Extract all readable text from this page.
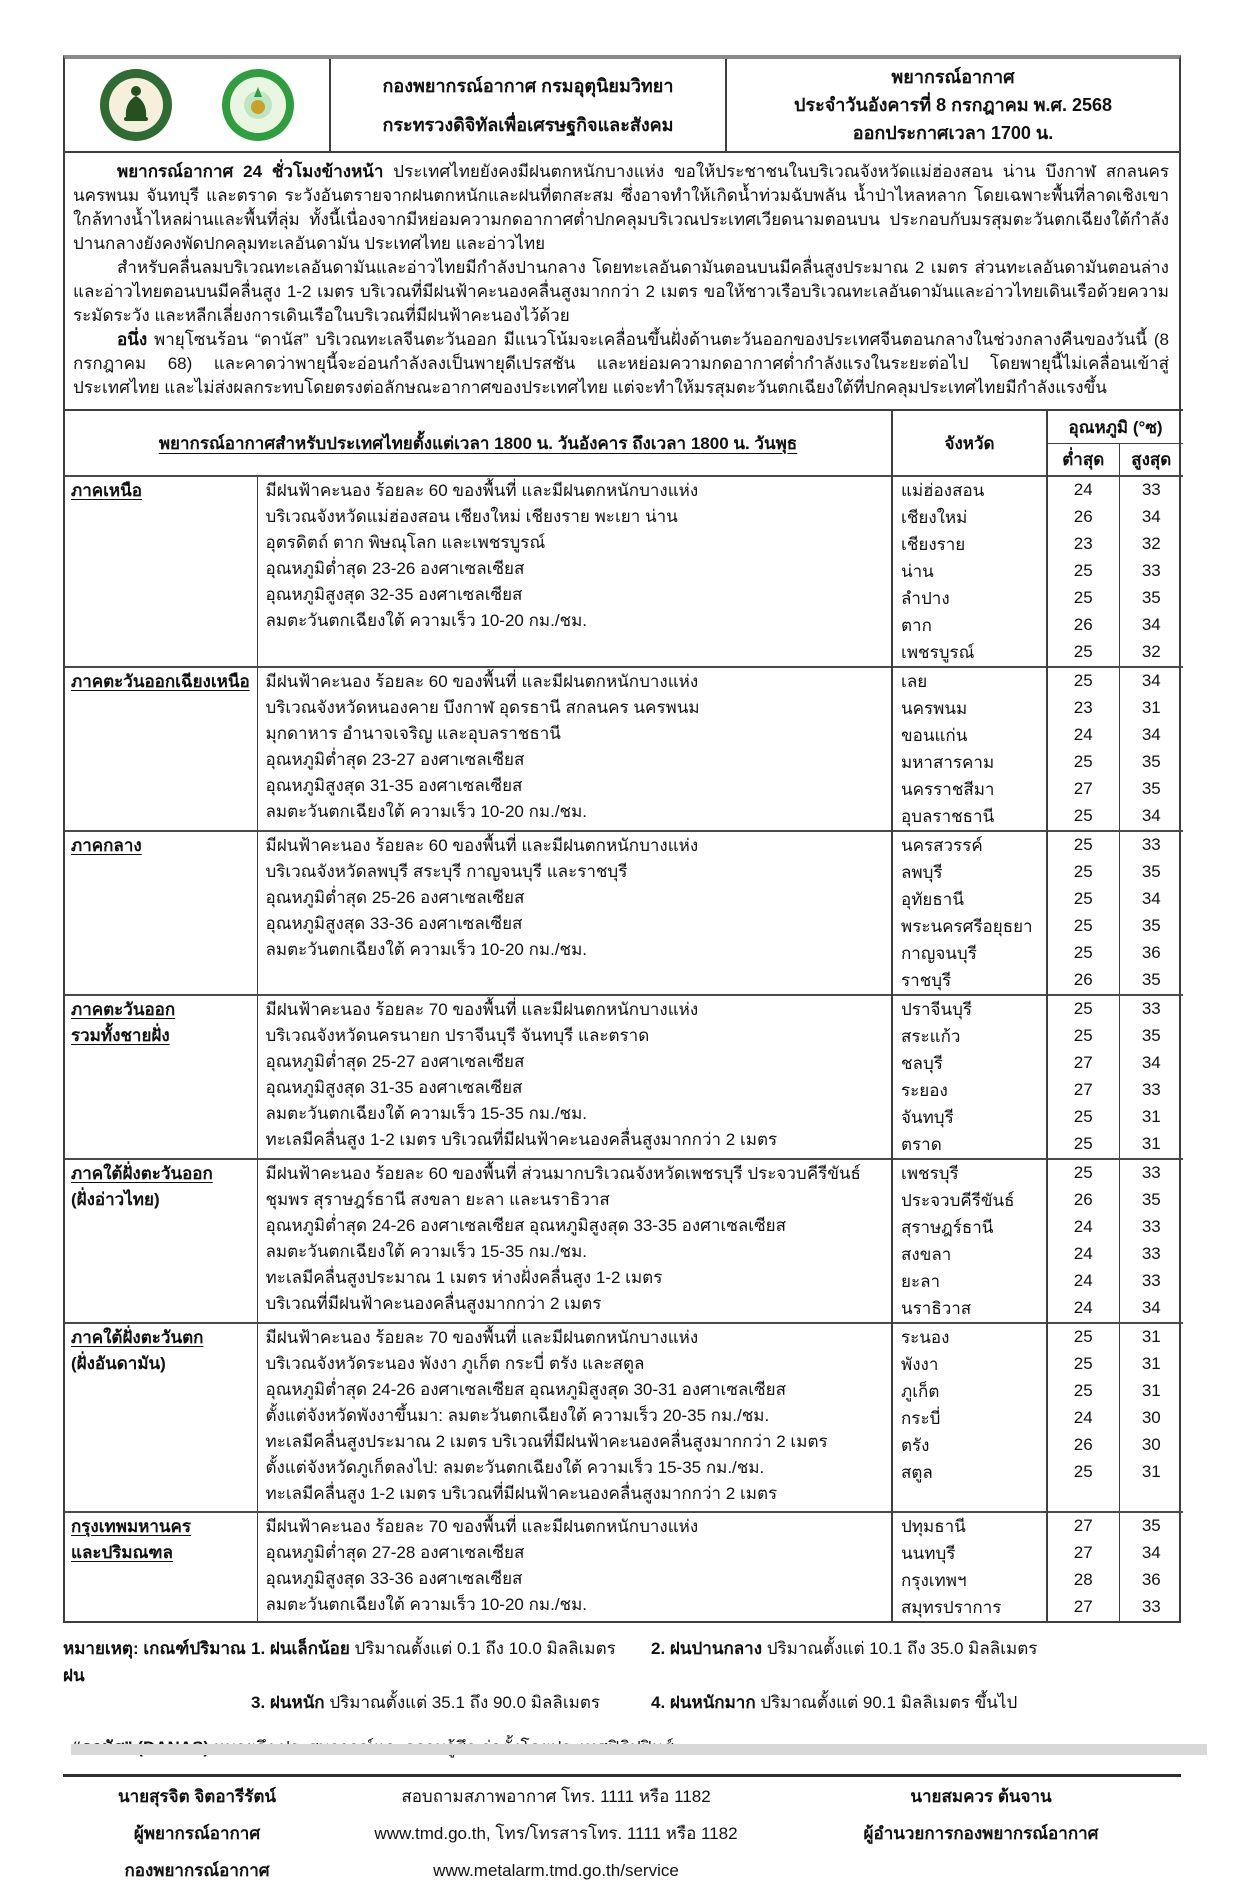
กองพยากรณ์อากาศ กรมอุตุนิยมวิทยา
กระทรวงดิจิทัลเพื่อเศรษฐกิจและสังคม
พยากรณ์อากาศ
ประจำวันอังคารที่ 8 กรกฎาคม พ.ศ. 2568
ออกประกาศเวลา 1700 น.

พยากรณ์อากาศ 24 ชั่วโมงข้างหน้า ประเทศไทยยังคงมีฝนตกหนักบางแห่ง ขอให้ประชาชนในบริเวณจังหวัดแม่ฮ่องสอน น่าน บึงกาฬ สกลนคร นครพนม จันทบุรี และตราด ระวังอันตรายจากฝนตกหนักและฝนที่ตกสะสม ซึ่งอาจทำให้เกิดน้ำท่วมฉับพลัน น้ำป่าไหลหลาก โดยเฉพาะพื้นที่ลาดเชิงเขาใกล้ทางน้ำไหลผ่านและพื้นที่ลุ่ม ทั้งนี้เนื่องจากมีหย่อมความกดอากาศต่ำปกคลุมบริเวณประเทศเวียดนามตอนบน ประกอบกับมรสุมตะวันตกเฉียงใต้กำลังปานกลางยังคงพัดปกคลุมทะเลอันดามัน ประเทศไทย และอ่าวไทย

สำหรับคลื่นลมบริเวณทะเลอันดามันและอ่าวไทยมีกำลังปานกลาง โดยทะเลอันดามันตอนบนมีคลื่นสูงประมาณ 2 เมตร ส่วนทะเลอันดามันตอนล่างและอ่าวไทยตอนบนมีคลื่นสูง 1-2 เมตร บริเวณที่มีฝนฟ้าคะนองคลื่นสูงมากกว่า 2 เมตร ขอให้ชาวเรือบริเวณทะเลอันดามันและอ่าวไทยเดินเรือด้วยความระมัดระวัง และหลีกเลี่ยงการเดินเรือในบริเวณที่มีฝนฟ้าคะนองไว้ด้วย

อนึ่ง พายุโซนร้อน “ดานัส” บริเวณทะเลจีนตะวันออก มีแนวโน้มจะเคลื่อนขึ้นฝั่งด้านตะวันออกของประเทศจีนตอนกลางในช่วงกลางคืนของวันนี้ (8 กรกฎาคม 68) และคาดว่าพายุนี้จะอ่อนกำลังลงเป็นพายุดีเปรสชัน และหย่อมความกดอากาศต่ำกำลังแรงในระยะต่อไป โดยพายุนี้ไม่เคลื่อนเข้าสู่ประเทศไทย และไม่ส่งผลกระทบโดยตรงต่อลักษณะอากาศของประเทศไทย แต่จะทำให้มรสุมตะวันตกเฉียงใต้ที่ปกคลุมประเทศไทยมีกำลังแรงขึ้น

พยากรณ์อากาศสำหรับประเทศไทยตั้งแต่เวลา 1800 น. วันอังคาร ถึงเวลา 1800 น. วันพุธ		จังหวัด	อุณหภูมิ (°ซ)	
			ต่ำสุด	สูงสุด

ภาคเหนือ	มีฝนฟ้าคะนอง ร้อยละ 60 ของพื้นที่ และมีฝนตกหนักบางแห่ง
บริเวณจังหวัดแม่ฮ่องสอน เชียงใหม่ เชียงราย พะเยา น่าน
อุตรดิตถ์ ตาก พิษณุโลก และเพชรบูรณ์
อุณหภูมิต่ำสุด 23-26 องศาเซลเซียส
อุณหภูมิสูงสุด 32-35 องศาเซลเซียส
ลมตะวันตกเฉียงใต้ ความเร็ว 10-20 กม./ชม.
	แม่ฮ่องสอน	24	33
		เชียงใหม่	26	34
		เชียงราย	23	32
		น่าน	25	33
		ลำปาง	25	35
		ตาก	26	34
		เพชรบูรณ์	25	32

ภาคตะวันออกเฉียงเหนือ	มีฝนฟ้าคะนอง ร้อยละ 60 ของพื้นที่ และมีฝนตกหนักบางแห่ง
บริเวณจังหวัดหนองคาย บึงกาฬ อุดรธานี สกลนคร นครพนม
มุกดาหาร อำนาจเจริญ และอุบลราชธานี
อุณหภูมิต่ำสุด 23-27 องศาเซลเซียส
อุณหภูมิสูงสุด 31-35 องศาเซลเซียส
ลมตะวันตกเฉียงใต้ ความเร็ว 10-20 กม./ชม.
	เลย	25	34
		นครพนม	23	31
		ขอนแก่น	24	34
		มหาสารคาม	25	35
		นครราชสีมา	27	35
		อุบลราชธานี	25	34

ภาคกลาง	มีฝนฟ้าคะนอง ร้อยละ 60 ของพื้นที่ และมีฝนตกหนักบางแห่ง
บริเวณจังหวัดลพบุรี สระบุรี กาญจนบุรี และราชบุรี
อุณหภูมิต่ำสุด 25-26 องศาเซลเซียส
อุณหภูมิสูงสุด 33-36 องศาเซลเซียส
ลมตะวันตกเฉียงใต้ ความเร็ว 10-20 กม./ชม.	นครสวรรค์	25	33
		ลพบุรี	25	35
		อุทัยธานี	25	34
		พระนครศรีอยุธยา	25	35
		กาญจนบุรี	25	36
		ราชบุรี	26	35

ภาคตะวันออก
รวมทั้งชายฝั่ง

มีฝนฟ้าคะนอง ร้อยละ 70 ของพื้นที่ และมีฝนตกหนักบางแห่ง
บริเวณจังหวัดนครนายก ปราจีนบุรี จันทบุรี และตราด
อุณหภูมิต่ำสุด 25-27 องศาเซลเซียส
อุณหภูมิสูงสุด 31-35 องศาเซลเซียส
ลมตะวันตกเฉียงใต้ ความเร็ว 15-35 กม./ชม.
ทะเลมีคลื่นสูง 1-2 เมตร บริเวณที่มีฝนฟ้าคะนองคลื่นสูงมากกว่า 2 เมตร
	ปราจีนบุรี	25	33
		สระแก้ว	25	35
		ชลบุรี	27	34
		ระยอง	27	33
		จันทบุรี	25	31
		ตราด	25	31

ภาคใต้ฝั่งตะวันออก
(ฝั่งอ่าวไทย)

มีฝนฟ้าคะนอง ร้อยละ 60 ของพื้นที่ ส่วนมากบริเวณจังหวัดเพชรบุรี ประจวบคีรีขันธ์
ชุมพร สุราษฎร์ธานี สงขลา ยะลา และนราธิวาส
อุณหภูมิต่ำสุด 24-26 องศาเซลเซียส อุณหภูมิสูงสุด 33-35 องศาเซลเซียส
ลมตะวันตกเฉียงใต้ ความเร็ว 15-35 กม./ชม.
ทะเลมีคลื่นสูงประมาณ 1 เมตร ห่างฝั่งคลื่นสูง 1-2 เมตร
บริเวณที่มีฝนฟ้าคะนองคลื่นสูงมากกว่า 2 เมตร
	เพชรบุรี	25	33
		ประจวบคีรีขันธ์	26	35
		สุราษฎร์ธานี	24	33
		สงขลา	24	33
		ยะลา	24	33
		นราธิวาส	24	34

ภาคใต้ฝั่งตะวันตก
(ฝั่งอันดามัน)

มีฝนฟ้าคะนอง ร้อยละ 70 ของพื้นที่ และมีฝนตกหนักบางแห่ง
บริเวณจังหวัดระนอง พังงา ภูเก็ต กระบี่ ตรัง และสตูล
อุณหภูมิต่ำสุด 24-26 องศาเซลเซียส อุณหภูมิสูงสุด 30-31 องศาเซลเซียส
ตั้งแต่จังหวัดพังงาขึ้นมา: ลมตะวันตกเฉียงใต้ ความเร็ว 20-35 กม./ชม.
ทะเลมีคลื่นสูงประมาณ 2 เมตร บริเวณที่มีฝนฟ้าคะนองคลื่นสูงมากกว่า 2 เมตร
ตั้งแต่จังหวัดภูเก็ตลงไป: ลมตะวันตกเฉียงใต้ ความเร็ว 15-35 กม./ชม.
ทะเลมีคลื่นสูง 1-2 เมตร บริเวณที่มีฝนฟ้าคะนองคลื่นสูงมากกว่า 2 เมตร
	ระนอง	25	31
		พังงา	25	31
		ภูเก็ต	25	31
		กระบี่	24	30
		ตรัง	26	30
		สตูล	25	31

กรุงเทพมหานคร
และปริมณฑล

มีฝนฟ้าคะนอง ร้อยละ 70 ของพื้นที่ และมีฝนตกหนักบางแห่ง
อุณหภูมิต่ำสุด 27-28 องศาเซลเซียส
อุณหภูมิสูงสุด 33-36 องศาเซลเซียส
ลมตะวันตกเฉียงใต้ ความเร็ว 10-20 กม./ชม.
	ปทุมธานี	27	35
		นนทบุรี	27	34
		กรุงเทพฯ	28	36
		สมุทรปราการ	27	33
หมายเหตุ: เกณฑ์ปริมาณฝน
1. ฝนเล็กน้อย ปริมาณตั้งแต่ 0.1 ถึง 10.0 มิลลิเมตร	2. ฝนปานกลาง ปริมาณตั้งแต่ 10.1 ถึง 35.0 มิลลิเมตร
3. ฝนหนัก ปริมาณตั้งแต่ 35.1 ถึง 90.0 มิลลิเมตร	4. ฝนหนักมาก ปริมาณตั้งแต่ 90.1 มิลลิเมตร ขึ้นไป

นายสุรจิต จิตอารีรัตน์
ผู้พยากรณ์อากาศ
กองพยากรณ์อากาศ
สอบถามสภาพอากาศ โทร. 1111 หรือ 1182
www.tmd.go.th, โทร/โทรสารโทร. 1111 หรือ 1182
www.metalarm.tmd.go.th/service
นายสมควร ต้นจาน
ผู้อำนวยการกองพยากรณ์อากาศ
